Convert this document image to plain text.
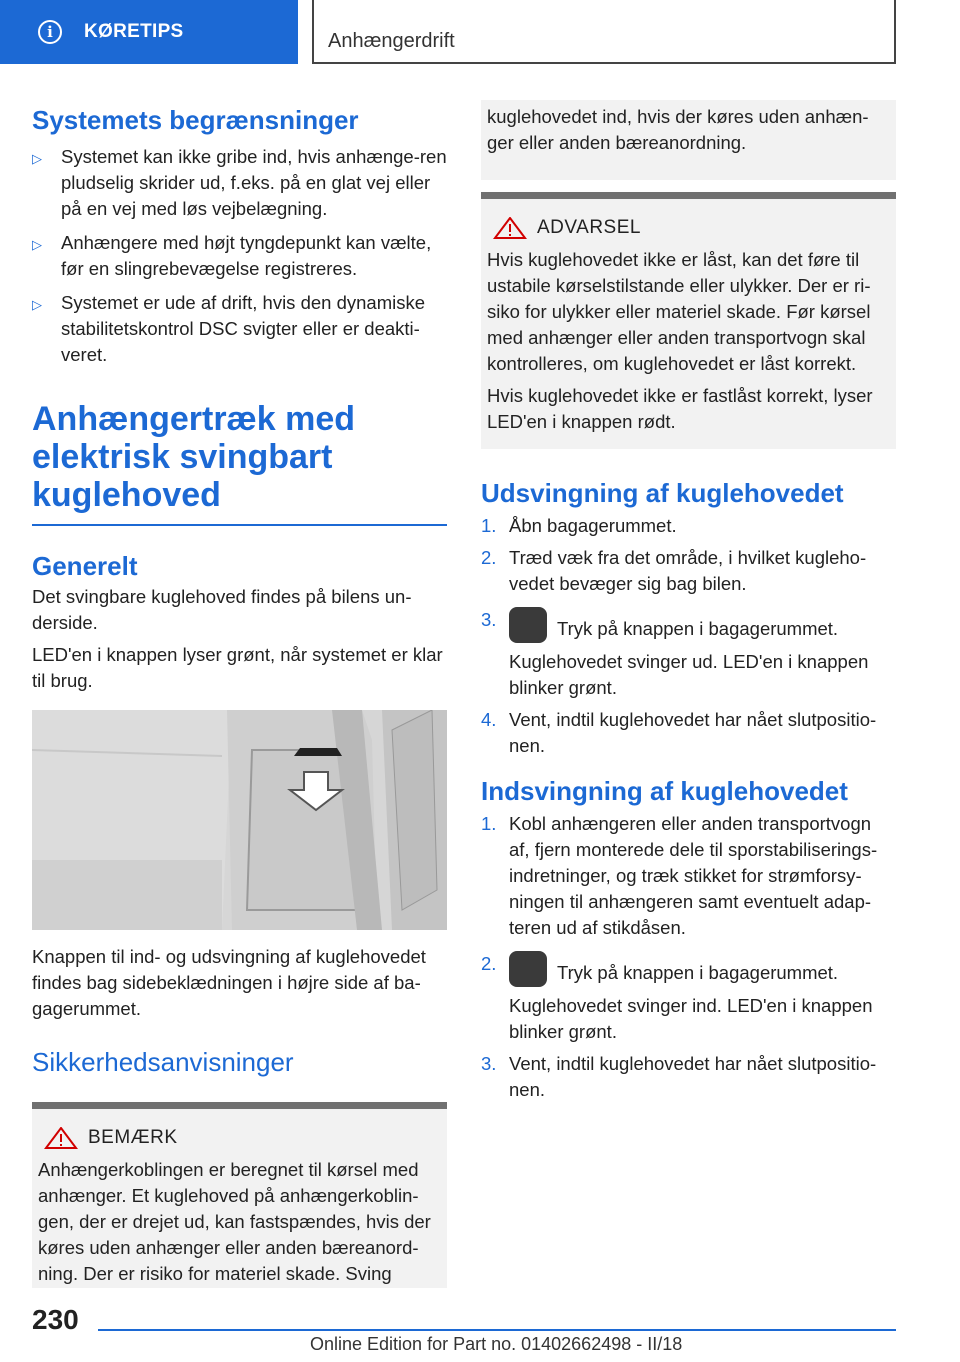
i	KØRETIPS	Anhængerdrift
Systemets begrænsninger
▷ Systemet kan ikke gribe ind, hvis anhænge-ren pludselig skrider ud, f.eks. på en glat vej eller på en vej med løs vejbelægning.
▷ Anhængere med højt tyngdepunkt kan vælte, før en slingrebevægelse registreres.
▷ Systemet er ude af drift, hvis den dynamiske stabilitetskontrol DSC svigter eller er deakti-veret.
Anhængertræk med elektrisk svingbart kuglehoved
Generelt

Det svingbare kuglehoved findes på bilens un-derside.

LED'en i knappen lyser grønt, når systemet er klar til brug.

Knappen til ind- og udsvingning af kuglehovedet findes bag sidebeklædningen i højre side af ba-gagerummet.

Sikkerhedsanvisninger
BEMÆRK

Anhængerkoblingen er beregnet til kørsel med anhænger. Et kuglehoved på anhængerkoblin-gen, der er drejet ud, kan fastspændes, hvis der køres uden anhænger eller anden bæreanord-ning. Der er risiko for materiel skade. Sving

kuglehovedet ind, hvis der køres uden anhæn-ger eller anden bæreanordning.

ADVARSEL

Hvis kuglehovedet ikke er låst, kan det føre til ustabile kørselstilstande eller ulykker. Der er ri-siko for ulykker eller materiel skade. Før kørsel med anhænger eller anden transportvogn skal kontrolleres, om kuglehovedet er låst korrekt.

Hvis kuglehovedet ikke er fastlåst korrekt, lyser LED'en i knappen rødt.

Udsvingning af kuglehovedet
1. Åbn bagagerummet.
2. Træd væk fra det område, i hvilket kugleho-vedet bevæger sig bag bilen.
3.	Tryk på knappen i bagagerummet.
Kuglehovedet svinger ud. LED'en i knappen blinker grønt.
4. Vent, indtil kuglehovedet har nået slutpositio-nen.
Indsvingning af kuglehovedet
1. Kobl anhængeren eller anden transportvogn af, fjern monterede dele til sporstabiliserings-indretninger, og træk stikket for strømforsy-ningen til anhængeren samt eventuelt adap-teren ud af stikdåsen.
2.	Tryk på knappen i bagagerummet.
Kuglehovedet svinger ind. LED'en i knappen blinker grønt.
3. Vent, indtil kuglehovedet har nået slutpositio-nen.
230
Online Edition for Part no. 01402662498 - II/18
